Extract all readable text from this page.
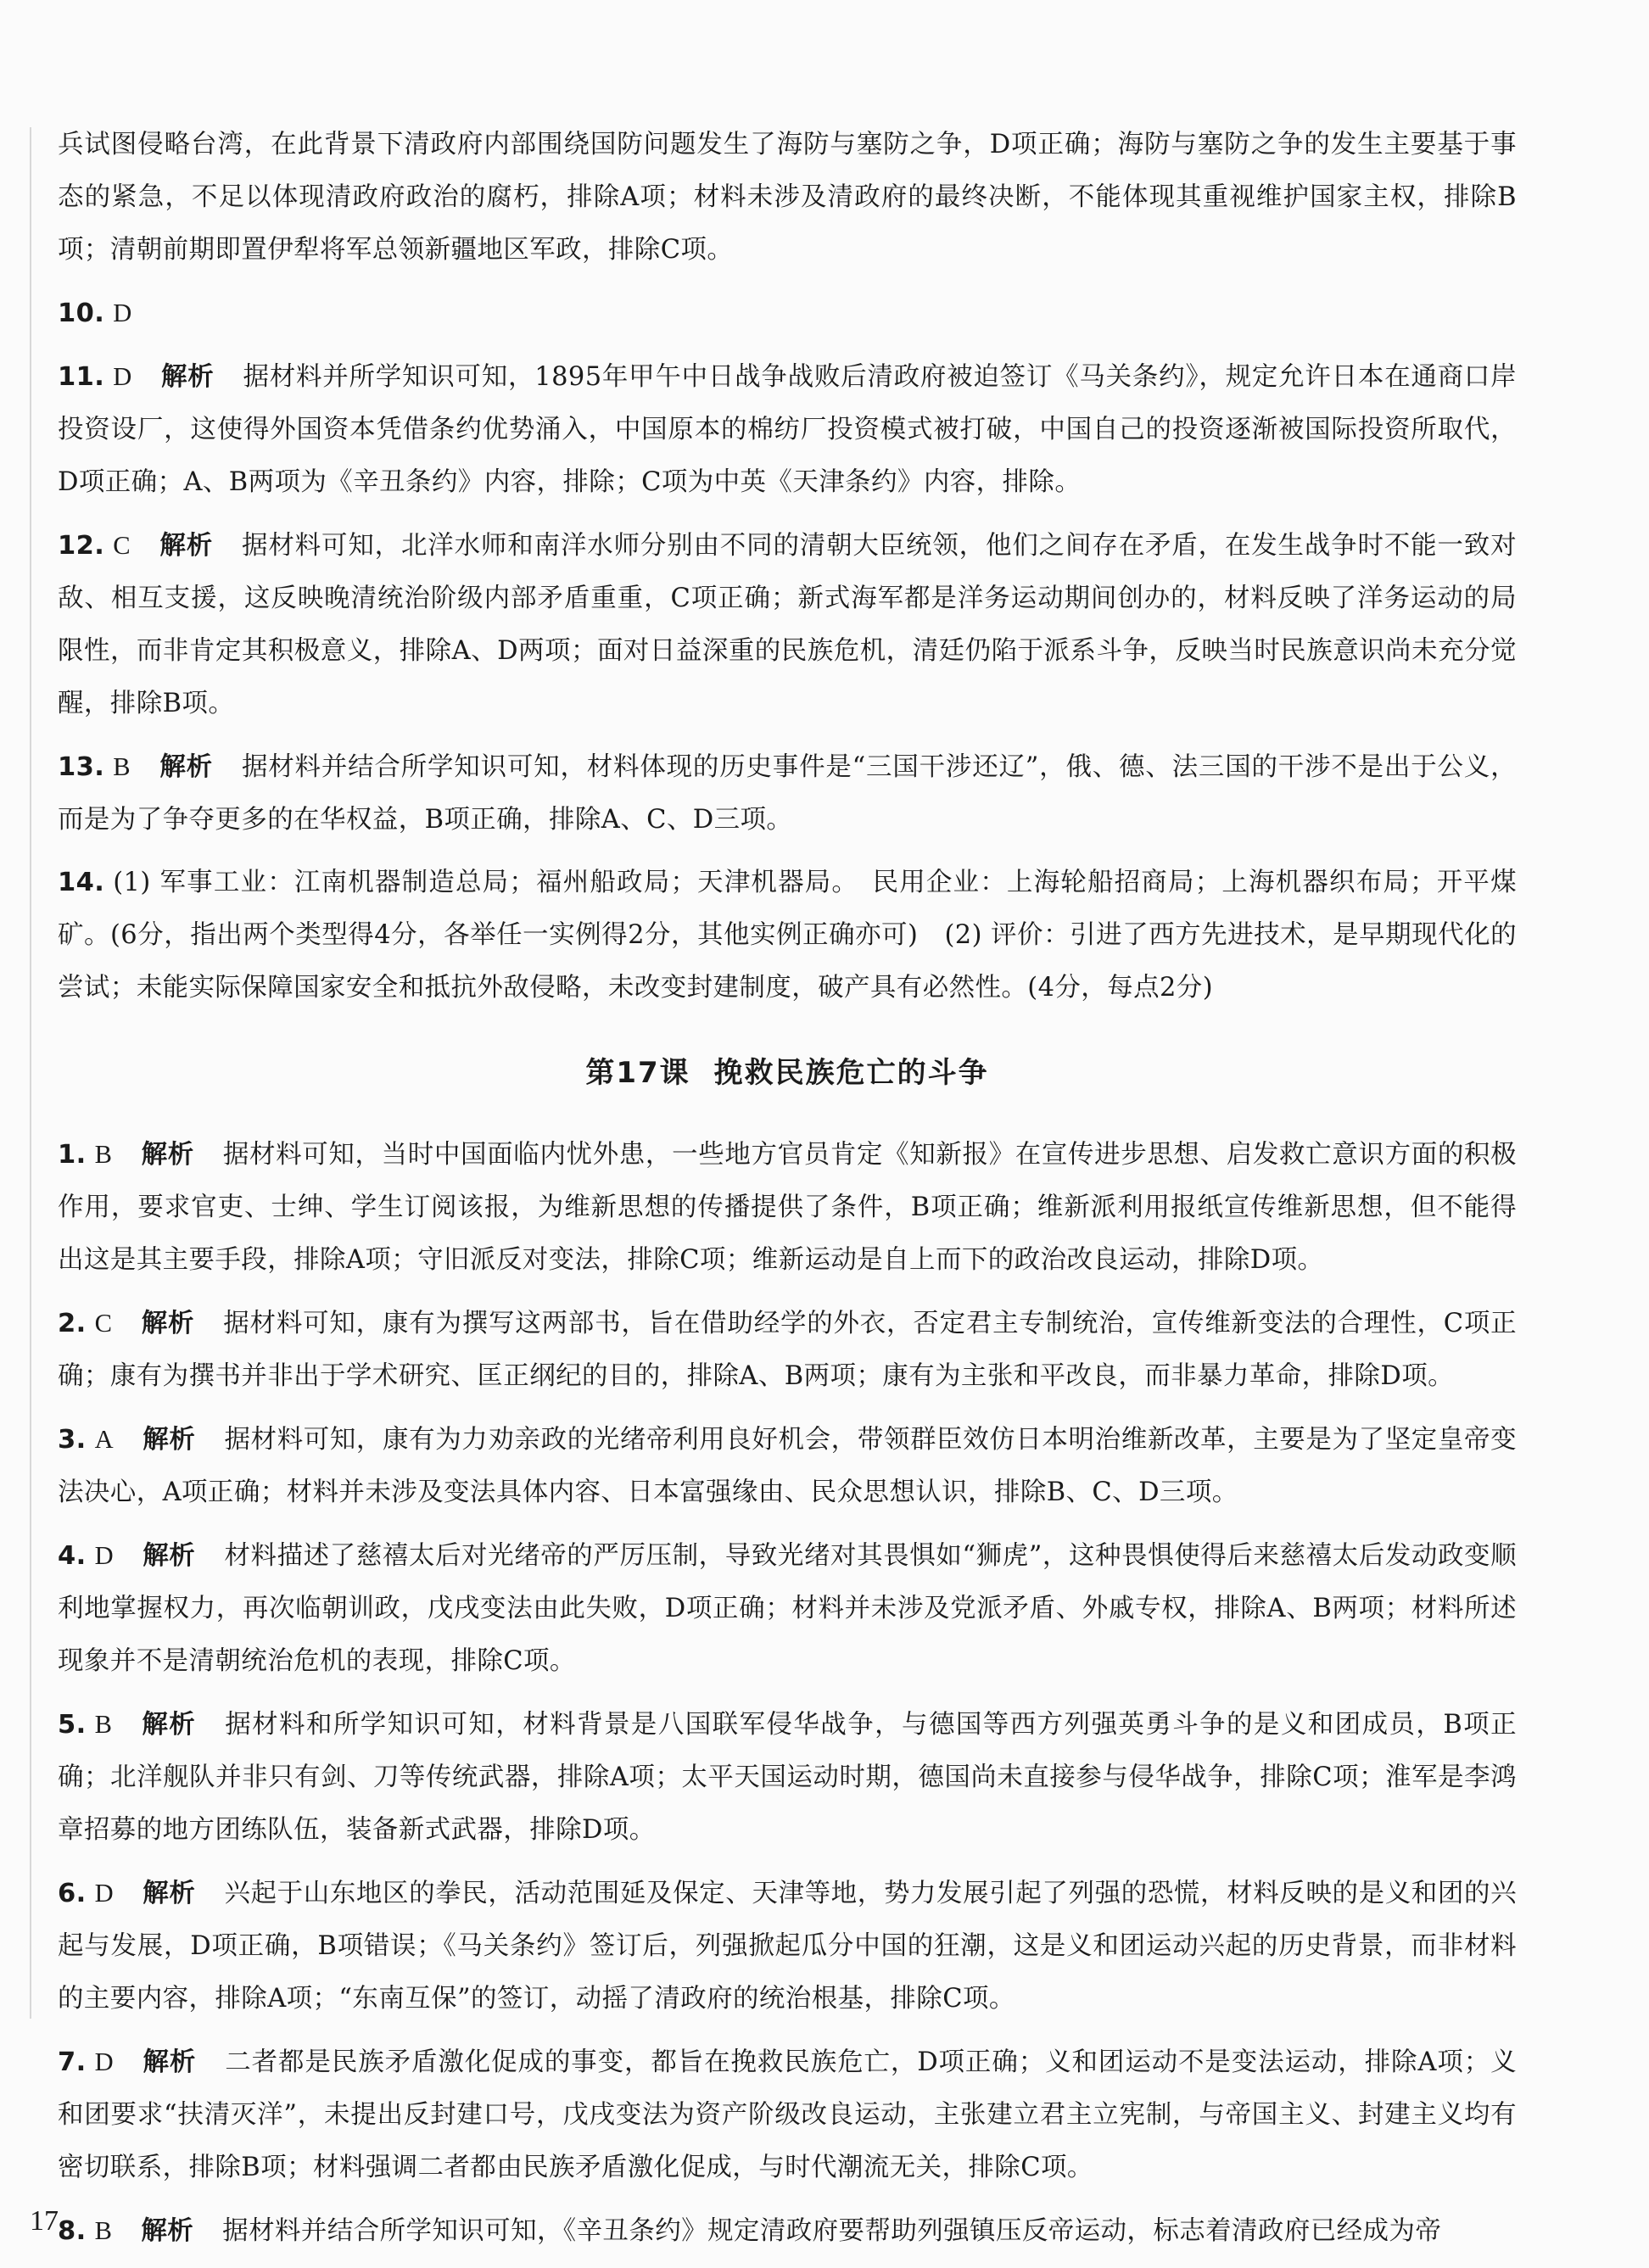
兵试图侵略台湾，在此背景下清政府内部围绕国防问题发生了海防与塞防之争，D项正确；海防与塞防之争的发生主要基于事态的紧急，不足以体现清政府政治的腐朽，排除A项；材料未涉及清政府的最终决断，不能体现其重视维护国家主权，排除B项；清朝前期即置伊犁将军总领新疆地区军政，排除C项。

10. D

11. D 解析 据材料并所学知识可知，1895年甲午中日战争战败后清政府被迫签订《马关条约》，规定允许日本在通商口岸投资设厂，这使得外国资本凭借条约优势涌入，中国原本的棉纺厂投资模式被打破，中国自己的投资逐渐被国际投资所取代，D项正确；A、B两项为《辛丑条约》内容，排除；C项为中英《天津条约》内容，排除。

12. C 解析 据材料可知，北洋水师和南洋水师分别由不同的清朝大臣统领，他们之间存在矛盾，在发生战争时不能一致对敌、相互支援，这反映晚清统治阶级内部矛盾重重，C项正确；新式海军都是洋务运动期间创办的，材料反映了洋务运动的局限性，而非肯定其积极意义，排除A、D两项；面对日益深重的民族危机，清廷仍陷于派系斗争，反映当时民族意识尚未充分觉醒，排除B项。

13. B 解析 据材料并结合所学知识可知，材料体现的历史事件是“三国干涉还辽”，俄、德、法三国的干涉不是出于公义，而是为了争夺更多的在华权益，B项正确，排除A、C、D三项。

14. (1) 军事工业：江南机器制造总局；福州船政局；天津机器局。　民用企业：上海轮船招商局；上海机器织布局；开平煤矿。(6分，指出两个类型得4分，各举任一实例得2分，其他实例正确亦可)　(2) 评价：引进了西方先进技术，是早期现代化的尝试；未能实际保障国家安全和抵抗外敌侵略，未改变封建制度，破产具有必然性。(4分，每点2分)

第17课 挽救民族危亡的斗争

1. B 解析 据材料可知，当时中国面临内忧外患，一些地方官员肯定《知新报》在宣传进步思想、启发救亡意识方面的积极作用，要求官吏、士绅、学生订阅该报，为维新思想的传播提供了条件，B项正确；维新派利用报纸宣传维新思想，但不能得出这是其主要手段，排除A项；守旧派反对变法，排除C项；维新运动是自上而下的政治改良运动，排除D项。

2. C 解析 据材料可知，康有为撰写这两部书，旨在借助经学的外衣，否定君主专制统治，宣传维新变法的合理性，C项正确；康有为撰书并非出于学术研究、匡正纲纪的目的，排除A、B两项；康有为主张和平改良，而非暴力革命，排除D项。

3. A 解析 据材料可知，康有为力劝亲政的光绪帝利用良好机会，带领群臣效仿日本明治维新改革，主要是为了坚定皇帝变法决心，A项正确；材料并未涉及变法具体内容、日本富强缘由、民众思想认识，排除B、C、D三项。

4. D 解析 材料描述了慈禧太后对光绪帝的严厉压制，导致光绪对其畏惧如“狮虎”，这种畏惧使得后来慈禧太后发动政变顺利地掌握权力，再次临朝训政，戊戌变法由此失败，D项正确；材料并未涉及党派矛盾、外戚专权，排除A、B两项；材料所述现象并不是清朝统治危机的表现，排除C项。

5. B 解析 据材料和所学知识可知，材料背景是八国联军侵华战争，与德国等西方列强英勇斗争的是义和团成员，B项正确；北洋舰队并非只有剑、刀等传统武器，排除A项；太平天国运动时期，德国尚未直接参与侵华战争，排除C项；淮军是李鸿章招募的地方团练队伍，装备新式武器，排除D项。

6. D 解析 兴起于山东地区的拳民，活动范围延及保定、天津等地，势力发展引起了列强的恐慌，材料反映的是义和团的兴起与发展，D项正确，B项错误；《马关条约》签订后，列强掀起瓜分中国的狂潮，这是义和团运动兴起的历史背景，而非材料的主要内容，排除A项；“东南互保”的签订，动摇了清政府的统治根基，排除C项。

7. D 解析 二者都是民族矛盾激化促成的事变，都旨在挽救民族危亡，D项正确；义和团运动不是变法运动，排除A项；义和团要求“扶清灭洋”，未提出反封建口号，戊戌变法为资产阶级改良运动，主张建立君主立宪制，与帝国主义、封建主义均有密切联系，排除B项；材料强调二者都由民族矛盾激化促成，与时代潮流无关，排除C项。

8. B 解析 据材料并结合所学知识可知，《辛丑条约》规定清政府要帮助列强镇压反帝运动，标志着清政府已经成为帝

17
